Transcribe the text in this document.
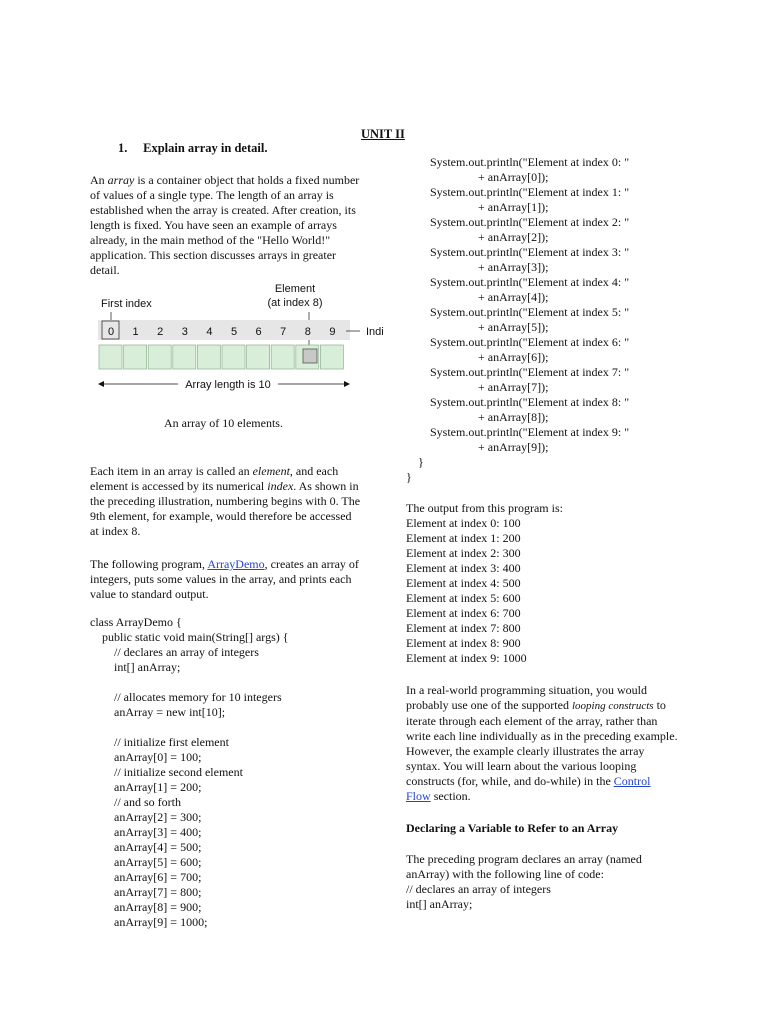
UNIT II
1. Explain array in detail.

An array is a container object that holds a fixed number of values of a single type. The length of an array is established when the array is created. After creation, its length is fixed. You have seen an example of arrays already, in the main method of the "Hello World!" application. This section discusses arrays in greater detail.

First index
Element
(at index 8)
0 1 2 3 4 5 6 7 8 9	Indi
Array length is 10
An array of 10 elements.

Each item in an array is called an element, and each element is accessed by its numerical index. As shown in the preceding illustration, numbering begins with 0. The 9th element, for example, would therefore be accessed at index 8.

The following program, ArrayDemo, creates an array of integers, puts some values in the array, and prints each value to standard output.

class ArrayDemo {
public static void main(String[] args) {
// declares an array of integers
int[] anArray;
// allocates memory for 10 integers
anArray = new int[10];
// initialize first element
anArray[0] = 100;
// initialize second element
anArray[1] = 200;
// and so forth
anArray[2] = 300;
anArray[3] = 400;
anArray[4] = 500;
anArray[5] = 600;
anArray[6] = 700;
anArray[7] = 800;
anArray[8] = 900;
anArray[9] = 1000;
System.out.println("Element at index 0: "
+ anArray[0]);
System.out.println("Element at index 1: "
+ anArray[1]);
System.out.println("Element at index 2: "
+ anArray[2]);
System.out.println("Element at index 3: "
+ anArray[3]);
System.out.println("Element at index 4: "
+ anArray[4]);
System.out.println("Element at index 5: "
+ anArray[5]);
System.out.println("Element at index 6: "
+ anArray[6]);
System.out.println("Element at index 7: "
+ anArray[7]);
System.out.println("Element at index 8: "
+ anArray[8]);
System.out.println("Element at index 9: "
+ anArray[9]);
}
}
The output from this program is:
Element at index 0: 100
Element at index 1: 200
Element at index 2: 300
Element at index 3: 400
Element at index 4: 500
Element at index 5: 600
Element at index 6: 700
Element at index 7: 800
Element at index 8: 900
Element at index 9: 1000

In a real-world programming situation, you would probably use one of the supported looping constructs to iterate through each element of the array, rather than write each line individually as in the preceding example. However, the example clearly illustrates the array syntax. You will learn about the various looping constructs (for, while, and do-while) in the Control Flow section.

Declaring a Variable to Refer to an Array

The preceding program declares an array (named anArray) with the following line of code:

// declares an array of integers
int[] anArray;
